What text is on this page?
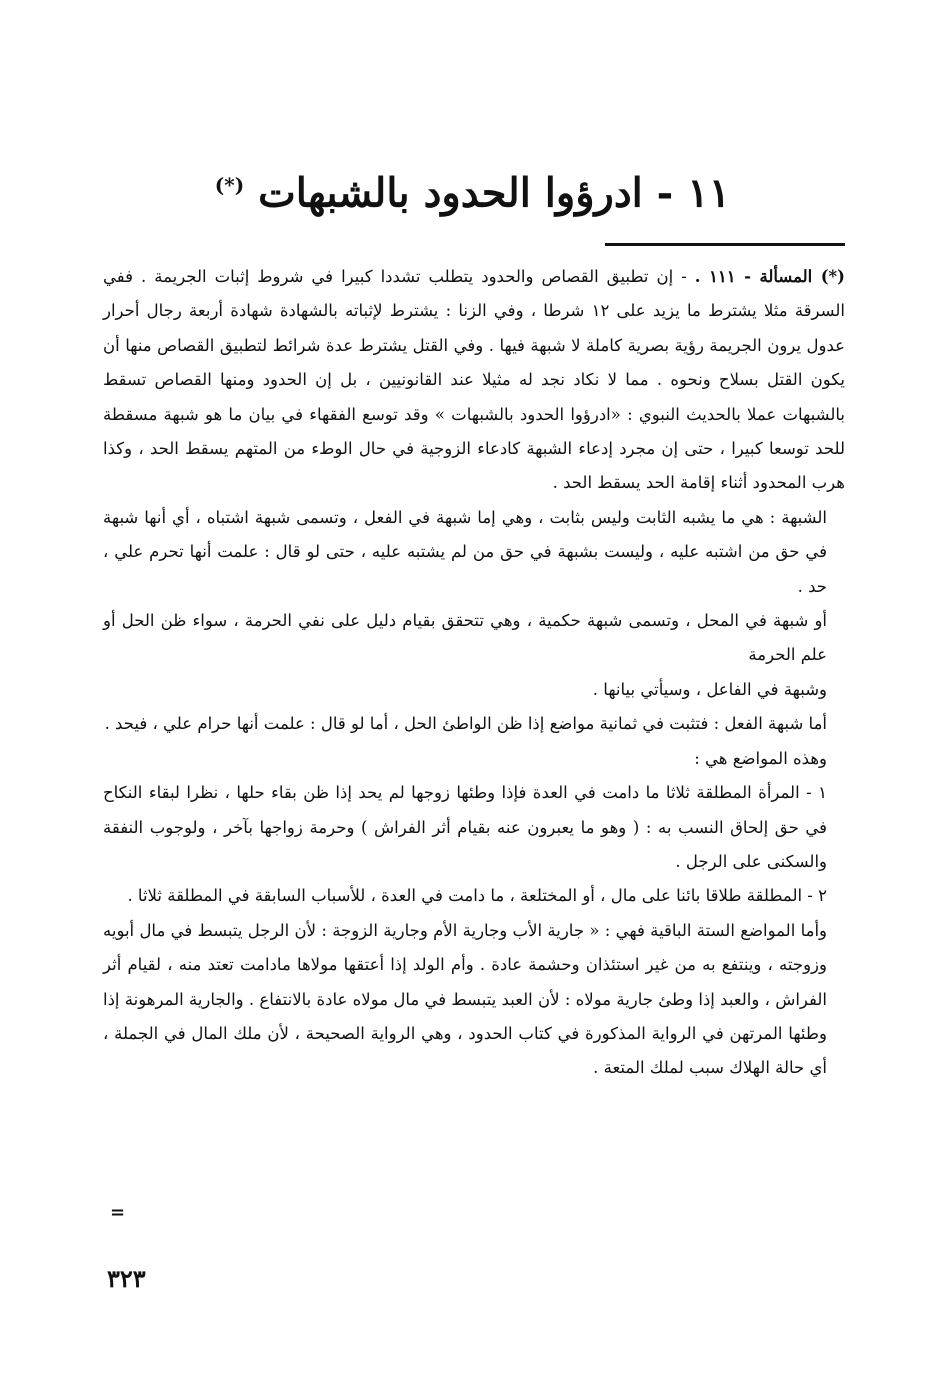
١١ - ادرؤوا الحدود بالشبهات (*)

(*) المسألة - ١١١ . - إن تطبيق القصاص والحدود يتطلب تشددا كبيرا في شروط إثبات الجريمة . ففي السرقة مثلا يشترط ما يزيد على ١٢ شرطا ، وفي الزنا : يشترط لإثباته بالشهادة شهادة أربعة رجال أحرار عدول يرون الجريمة رؤية بصرية كاملة لا شبهة فيها . وفي القتل يشترط عدة شرائط لتطبيق القصاص منها أن يكون القتل بسلاح ونحوه . مما لا نكاد نجد له مثيلا عند القانونيين ، بل إن الحدود ومنها القصاص تسقط بالشبهات عملا بالحديث النبوي : «ادرؤوا الحدود بالشبهات » وقد توسع الفقهاء في بيان ما هو شبهة مسقطة للحد توسعا كبيرا ، حتى إن مجرد إدعاء الشبهة كادعاء الزوجية في حال الوطء من المتهم يسقط الحد ، وكذا هرب المحدود أثناء إقامة الحد يسقط الحد .

الشبهة : هي ما يشبه الثابت وليس بثابت ، وهي إما شبهة في الفعل ، وتسمى شبهة اشتباه ، أي أنها شبهة في حق من اشتبه عليه ، وليست بشبهة في حق من لم يشتبه عليه ، حتى لو قال : علمت أنها تحرم علي ، حد .

أو شبهة في المحل ، وتسمى شبهة حكمية ، وهي تتحقق بقيام دليل على نفي الحرمة ، سواء ظن الحل أو علم الحرمة

وشبهة في الفاعل ، وسيأتي بيانها .

أما شبهة الفعل : فتثبت في ثمانية مواضع إذا ظن الواطئ الحل ، أما لو قال : علمت أنها حرام علي ، فيحد .

وهذه المواضع هي :

١ - المرأة المطلقة ثلاثا ما دامت في العدة فإذا وطئها زوجها لم يحد إذا ظن بقاء حلها ، نظرا لبقاء النكاح في حق إلحاق النسب به : ( وهو ما يعبرون عنه بقيام أثر الفراش ) وحرمة زواجها بآخر ، ولوجوب النفقة والسكنى على الرجل .

٢ - المطلقة طلاقا بائنا على مال ، أو المختلعة ، ما دامت في العدة ، للأسباب السابقة في المطلقة ثلاثا .

وأما المواضع الستة الباقية فهي : « جارية الأب وجارية الأم وجارية الزوجة : لأن الرجل يتبسط في مال أبويه وزوجته ، وينتفع به من غير استئذان وحشمة عادة . وأم الولد إذا أعتقها مولاها مادامت تعتد منه ، لقيام أثر الفراش ، والعبد إذا وطئ جارية مولاه : لأن العبد يتبسط في مال مولاه عادة بالانتفاع . والجارية المرهونة إذا وطئها المرتهن في الرواية المذكورة في كتاب الحدود ، وهي الرواية الصحيحة ، لأن ملك المال في الجملة ، أي حالة الهلاك سبب لملك المتعة .

=
٣٢٣
